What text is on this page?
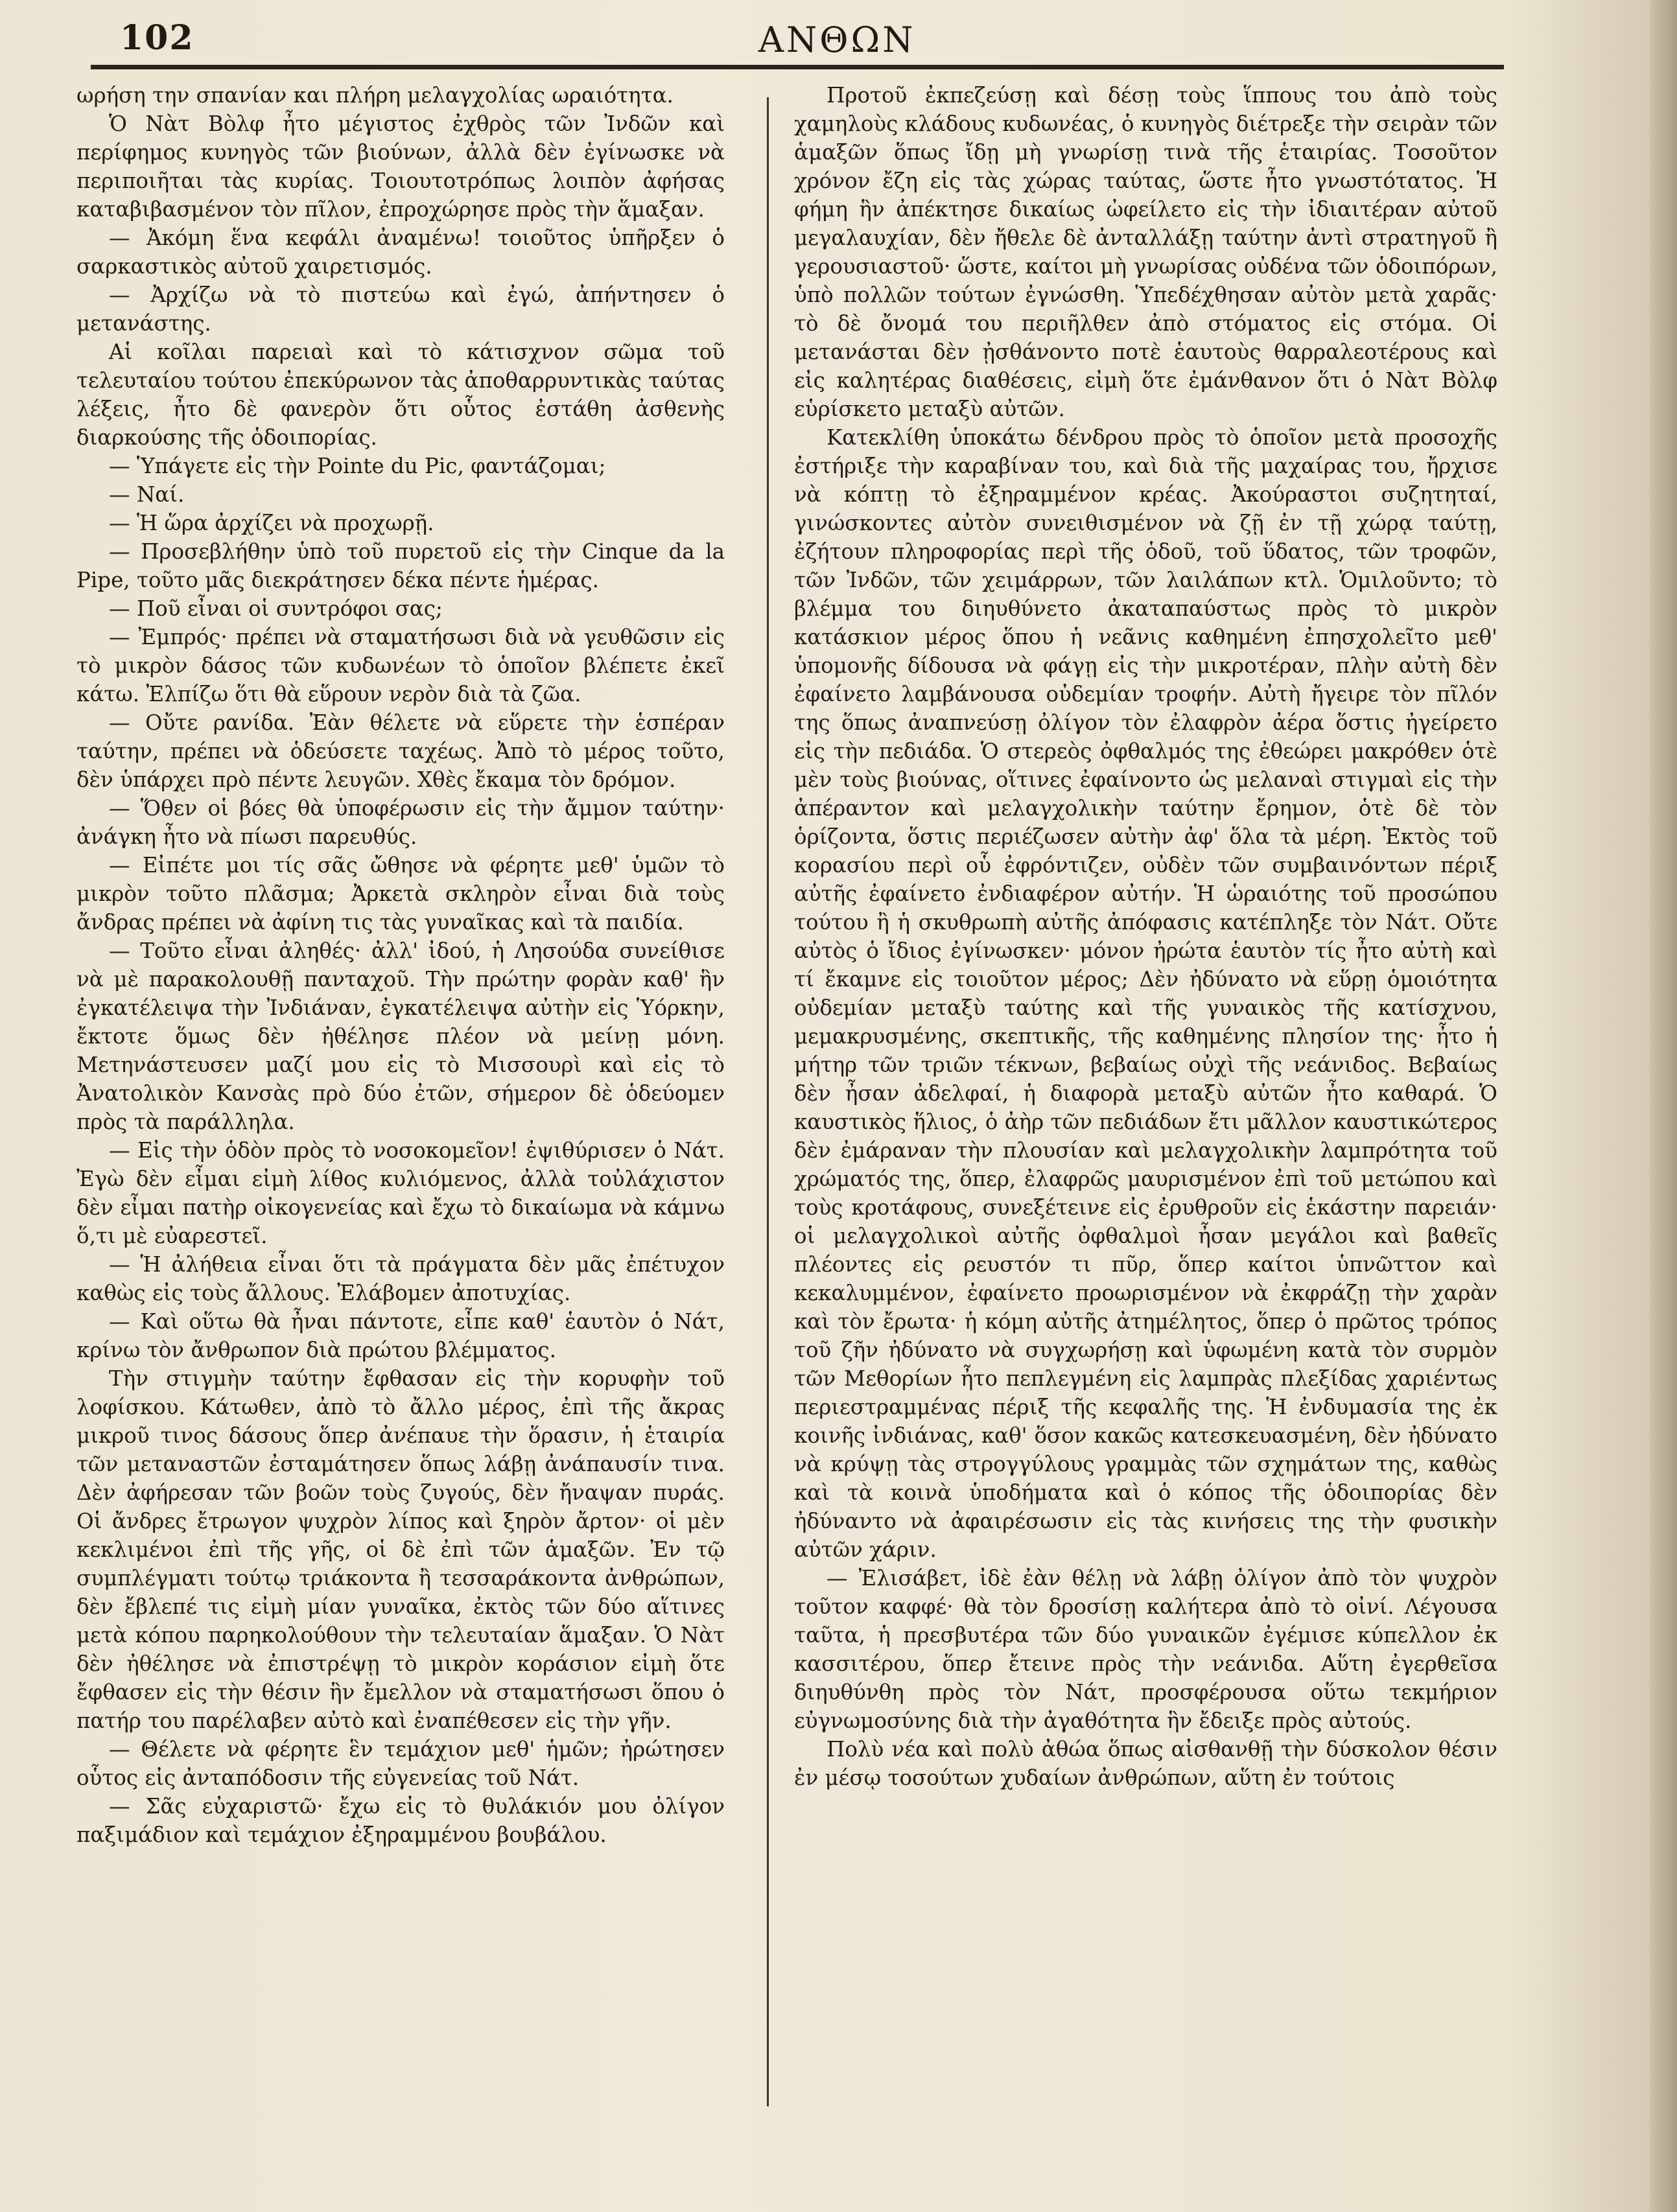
102	ΑΝΘΩΝ

ωρήση την σπανίαν και πλήρη μελαγχολίας ωραιότητα.

Ὁ Νὰτ Βὸλφ ἦτο μέγιστος ἐχθρὸς τῶν Ἰνδῶν καὶ περίφημος κυνηγὸς τῶν βιούνων, ἀλλὰ δὲν ἐγίνωσκε νὰ περιποιῆται τὰς κυρίας. Τοιουτοτρόπως λοιπὸν ἀφήσας καταβιβασμένον τὸν πῖλον, ἐπροχώρησε πρὸς τὴν ἅμαξαν.

— Ἀκόμη ἕνα κεφάλι ἀναμένω! τοιοῦτος ὑπῆρξεν ὁ σαρκαστικὸς αὐτοῦ χαιρετισμός.

— Ἀρχίζω νὰ τὸ πιστεύω καὶ ἐγώ, ἀπήντησεν ὁ μετανάστης.

Αἱ κοῖλαι παρειαὶ καὶ τὸ κάτισχνον σῶμα τοῦ τελευταίου τούτου ἐπεκύρωνον τὰς ἀποθαρρυντικὰς ταύτας λέξεις, ἦτο δὲ φανερὸν ὅτι οὗτος ἐστάθη ἀσθενὴς διαρκούσης τῆς ὁδοιπορίας.

— Ὑπάγετε εἰς τὴν Pointe du Pic, φαντάζομαι;

— Ναί.

— Ἡ ὥρα ἀρχίζει νὰ προχωρῇ.

— Προσεβλήθην ὑπὸ τοῦ πυρετοῦ εἰς τὴν Cinque da la Pipe, τοῦτο μᾶς διεκράτησεν δέκα πέντε ἡμέρας.

— Ποῦ εἶναι οἱ συντρόφοι σας;

— Ἐμπρός· πρέπει νὰ σταματήσωσι διὰ νὰ γευθῶσιν εἰς τὸ μικρὸν δάσος τῶν κυδωνέων τὸ ὁποῖον βλέπετε ἐκεῖ κάτω. Ἐλπίζω ὅτι θὰ εὕρουν νερὸν διὰ τὰ ζῶα.

— Οὔτε ρανίδα. Ἐὰν θέλετε νὰ εὕρετε τὴν ἑσπέραν ταύτην, πρέπει νὰ ὁδεύσετε ταχέως. Ἀπὸ τὸ μέρος τοῦτο, δὲν ὑπάρχει πρὸ πέντε λευγῶν. Χθὲς ἔκαμα τὸν δρόμον.

— Ὅθεν οἱ βόες θὰ ὑποφέρωσιν εἰς τὴν ἄμμον ταύτην· ἀνάγκη ἦτο νὰ πίωσι παρευθύς.

— Εἰπέτε μοι τίς σᾶς ὤθησε νὰ φέρητε μεθ' ὑμῶν τὸ μικρὸν τοῦτο πλᾶσμα; Ἀρκετὰ σκληρὸν εἶναι διὰ τοὺς ἄνδρας πρέπει νὰ ἀφίνη τις τὰς γυναῖκας καὶ τὰ παιδία.

— Τοῦτο εἶναι ἀληθές· ἀλλ' ἰδού, ἡ Λησούδα συνείθισε νὰ μὲ παρακολουθῇ πανταχοῦ. Τὴν πρώτην φορὰν καθ' ἣν ἐγκατέλειψα τὴν Ἰνδιάναν, ἐγκατέλειψα αὐτὴν εἰς Ὑόρκην, ἔκτοτε ὅμως δὲν ἠθέλησε πλέον νὰ μείνῃ μόνη. Μετηνάστευσεν μαζί μου εἰς τὸ Μισσουρὶ καὶ εἰς τὸ Ἀνατολικὸν Κανσὰς πρὸ δύο ἐτῶν, σήμερον δὲ ὁδεύομεν πρὸς τὰ παράλληλα.

— Εἰς τὴν ὁδὸν πρὸς τὸ νοσοκομεῖον! ἐψιθύρισεν ὁ Νάτ. Ἐγὼ δὲν εἶμαι εἰμὴ λίθος κυλιόμενος, ἀλλὰ τοὐλάχιστον δὲν εἶμαι πατὴρ οἰκογενείας καὶ ἔχω τὸ δικαίωμα νὰ κάμνω ὅ,τι μὲ εὐαρεστεῖ.

— Ἡ ἀλήθεια εἶναι ὅτι τὰ πράγματα δὲν μᾶς ἐπέτυχον καθὼς εἰς τοὺς ἄλλους. Ἐλάβομεν ἀποτυχίας.

— Καὶ οὕτω θὰ ἦναι πάντοτε, εἶπε καθ' ἑαυτὸν ὁ Νάτ, κρίνω τὸν ἄνθρωπον διὰ πρώτου βλέμματος.

Τὴν στιγμὴν ταύτην ἔφθασαν εἰς τὴν κορυφὴν τοῦ λοφίσκου. Κάτωθεν, ἀπὸ τὸ ἄλλο μέρος, ἐπὶ τῆς ἄκρας μικροῦ τινος δάσους ὅπερ ἀνέπαυε τὴν ὅρασιν, ἡ ἑταιρία τῶν μεταναστῶν ἐσταμάτησεν ὅπως λάβῃ ἀνάπαυσίν τινα. Δὲν ἀφήρεσαν τῶν βοῶν τοὺς ζυγούς, δὲν ἤναψαν πυράς. Οἱ ἄνδρες ἔτρωγον ψυχρὸν λίπος καὶ ξηρὸν ἄρτον· οἱ μὲν κεκλιμένοι ἐπὶ τῆς γῆς, οἱ δὲ ἐπὶ τῶν ἁμαξῶν. Ἐν τῷ συμπλέγματι τούτῳ τριάκοντα ἢ τεσσαράκοντα ἀνθρώπων, δὲν ἔβλεπέ τις εἰμὴ μίαν γυναῖκα, ἐκτὸς τῶν δύο αἵτινες μετὰ κόπου παρηκολούθουν τὴν τελευταίαν ἅμαξαν. Ὁ Νὰτ δὲν ἠθέλησε νὰ ἐπιστρέψῃ τὸ μικρὸν κοράσιον εἰμὴ ὅτε ἔφθασεν εἰς τὴν θέσιν ἣν ἔμελλον νὰ σταματήσωσι ὅπου ὁ πατήρ του παρέλαβεν αὐτὸ καὶ ἐναπέθεσεν εἰς τὴν γῆν.

— Θέλετε νὰ φέρητε ἓν τεμάχιον μεθ' ἡμῶν; ἠρώτησεν οὗτος εἰς ἀνταπόδοσιν τῆς εὐγενείας τοῦ Νάτ.

— Σᾶς εὐχαριστῶ· ἔχω εἰς τὸ θυλάκιόν μου ὀλίγον παξιμάδιον καὶ τεμάχιον ἐξηραμμένου βουβάλου.

Προτοῦ ἐκπεζεύσῃ καὶ δέσῃ τοὺς ἵππους του ἀπὸ τοὺς χαμηλοὺς κλάδους κυδωνέας, ὁ κυνηγὸς διέτρεξε τὴν σειρὰν τῶν ἁμαξῶν ὅπως ἴδῃ μὴ γνωρίσῃ τινὰ τῆς ἑταιρίας. Τοσοῦτον χρόνον ἔζη εἰς τὰς χώρας ταύτας, ὥστε ἦτο γνωστότατος. Ἡ φήμη ἣν ἀπέκτησε δικαίως ὠφείλετο εἰς τὴν ἰδιαιτέραν αὐτοῦ μεγαλαυχίαν, δὲν ἤθελε δὲ ἀνταλλάξῃ ταύτην ἀντὶ στρατηγοῦ ἢ γερουσιαστοῦ· ὥστε, καίτοι μὴ γνωρίσας οὐδένα τῶν ὁδοιπόρων, ὑπὸ πολλῶν τούτων ἐγνώσθη. Ὑπεδέχθησαν αὐτὸν μετὰ χαρᾶς· τὸ δὲ ὄνομά του περιῆλθεν ἀπὸ στόματος εἰς στόμα. Οἱ μετανάσται δὲν ᾐσθάνοντο ποτὲ ἑαυτοὺς θαρραλεοτέρους καὶ εἰς καλητέρας διαθέσεις, εἰμὴ ὅτε ἐμάνθανον ὅτι ὁ Νὰτ Βὸλφ εὑρίσκετο μεταξὺ αὐτῶν.

Κατεκλίθη ὑποκάτω δένδρου πρὸς τὸ ὁποῖον μετὰ προσοχῆς ἐστήριξε τὴν καραβίναν του, καὶ διὰ τῆς μαχαίρας του, ἤρχισε νὰ κόπτῃ τὸ ἐξηραμμένον κρέας. Ἀκούραστοι συζητηταί, γινώσκοντες αὐτὸν συνειθισμένον νὰ ζῇ ἐν τῇ χώρᾳ ταύτῃ, ἐζήτουν πληροφορίας περὶ τῆς ὁδοῦ, τοῦ ὕδατος, τῶν τροφῶν, τῶν Ἰνδῶν, τῶν χειμάρρων, τῶν λαιλάπων κτλ. Ὁμιλοῦντο; τὸ βλέμμα του διηυθύνετο ἀκαταπαύστως πρὸς τὸ μικρὸν κατάσκιον μέρος ὅπου ἡ νεᾶνις καθημένη ἐπησχολεῖτο μεθ' ὑπομονῆς δίδουσα νὰ φάγῃ εἰς τὴν μικροτέραν, πλὴν αὐτὴ δὲν ἐφαίνετο λαμβάνουσα οὐδεμίαν τροφήν. Αὐτὴ ἤγειρε τὸν πῖλόν της ὅπως ἀναπνεύσῃ ὀλίγον τὸν ἐλαφρὸν ἀέρα ὅστις ἠγείρετο εἰς τὴν πεδιάδα. Ὁ στερεὸς ὀφθαλμός της ἐθεώρει μακρόθεν ὁτὲ μὲν τοὺς βιούνας, οἵτινες ἐφαίνοντο ὡς μελαναὶ στιγμαὶ εἰς τὴν ἀπέραντον καὶ μελαγχολικὴν ταύτην ἔρημον, ὁτὲ δὲ τὸν ὁρίζοντα, ὅστις περιέζωσεν αὐτὴν ἀφ' ὅλα τὰ μέρη. Ἐκτὸς τοῦ κορασίου περὶ οὗ ἐφρόντιζεν, οὐδὲν τῶν συμβαινόντων πέριξ αὐτῆς ἐφαίνετο ἐνδιαφέρον αὐτήν. Ἡ ὡραιότης τοῦ προσώπου τούτου ἢ ἡ σκυθρωπὴ αὐτῆς ἀπόφασις κατέπληξε τὸν Νάτ. Οὔτε αὐτὸς ὁ ἴδιος ἐγίνωσκεν· μόνον ἠρώτα ἑαυτὸν τίς ἦτο αὐτὴ καὶ τί ἔκαμνε εἰς τοιοῦτον μέρος; Δὲν ἠδύνατο νὰ εὕρῃ ὁμοιότητα οὐδεμίαν μεταξὺ ταύτης καὶ τῆς γυναικὸς τῆς κατίσχνου, μεμακρυσμένης, σκεπτικῆς, τῆς καθημένης πλησίον της· ἦτο ἡ μήτηρ τῶν τριῶν τέκνων, βεβαίως οὐχὶ τῆς νεάνιδος. Βεβαίως δὲν ἦσαν ἀδελφαί, ἡ διαφορὰ μεταξὺ αὐτῶν ἦτο καθαρά. Ὁ καυστικὸς ἥλιος, ὁ ἀὴρ τῶν πεδιάδων ἔτι μᾶλλον καυστικώτερος δὲν ἐμάραναν τὴν πλουσίαν καὶ μελαγχολικὴν λαμπρότητα τοῦ χρώματός της, ὅπερ, ἐλαφρῶς μαυρισμένον ἐπὶ τοῦ μετώπου καὶ τοὺς κροτάφους, συνεξέτεινε εἰς ἐρυθροῦν εἰς ἑκάστην παρειάν· οἱ μελαγχολικοὶ αὐτῆς ὀφθαλμοὶ ἦσαν μεγάλοι καὶ βαθεῖς πλέοντες εἰς ρευστόν τι πῦρ, ὅπερ καίτοι ὑπνῶττον καὶ κεκαλυμμένον, ἐφαίνετο προωρισμένον νὰ ἐκφράζῃ τὴν χαρὰν καὶ τὸν ἔρωτα· ἡ κόμη αὐτῆς ἀτημέλητος, ὅπερ ὁ πρῶτος τρόπος τοῦ ζῆν ἠδύνατο νὰ συγχωρήσῃ καὶ ὑφωμένη κατὰ τὸν συρμὸν τῶν Μεθορίων ἦτο πεπλεγμένη εἰς λαμπρὰς πλεξίδας χαριέντως περιεστραμμένας πέριξ τῆς κεφαλῆς της. Ἡ ἐνδυμασία της ἐκ κοινῆς ἰνδιάνας, καθ' ὅσον κακῶς κατεσκευασμένη, δὲν ἠδύνατο νὰ κρύψῃ τὰς στρογγύλους γραμμὰς τῶν σχημάτων της, καθὼς καὶ τὰ κοινὰ ὑποδήματα καὶ ὁ κόπος τῆς ὁδοιπορίας δὲν ἠδύναντο νὰ ἀφαιρέσωσιν εἰς τὰς κινήσεις της τὴν φυσικὴν αὐτῶν χάριν.

— Ἐλισάβετ, ἰδὲ ἐὰν θέλῃ νὰ λάβῃ ὀλίγον ἀπὸ τὸν ψυχρὸν τοῦτον καφφέ· θὰ τὸν δροσίσῃ καλήτερα ἀπὸ τὸ οἰνί. Λέγουσα ταῦτα, ἡ πρεσβυτέρα τῶν δύο γυναικῶν ἐγέμισε κύπελλον ἐκ κασσιτέρου, ὅπερ ἔτεινε πρὸς τὴν νεάνιδα. Αὕτη ἐγερθεῖσα διηυθύνθη πρὸς τὸν Νάτ, προσφέρουσα οὕτω τεκμήριον εὐγνωμοσύνης διὰ τὴν ἀγαθότητα ἣν ἔδειξε πρὸς αὐτούς.

Πολὺ νέα καὶ πολὺ ἀθώα ὅπως αἰσθανθῇ τὴν δύσκολον θέσιν ἐν μέσῳ τοσούτων χυδαίων ἀνθρώπων, αὕτη ἐν τούτοις
